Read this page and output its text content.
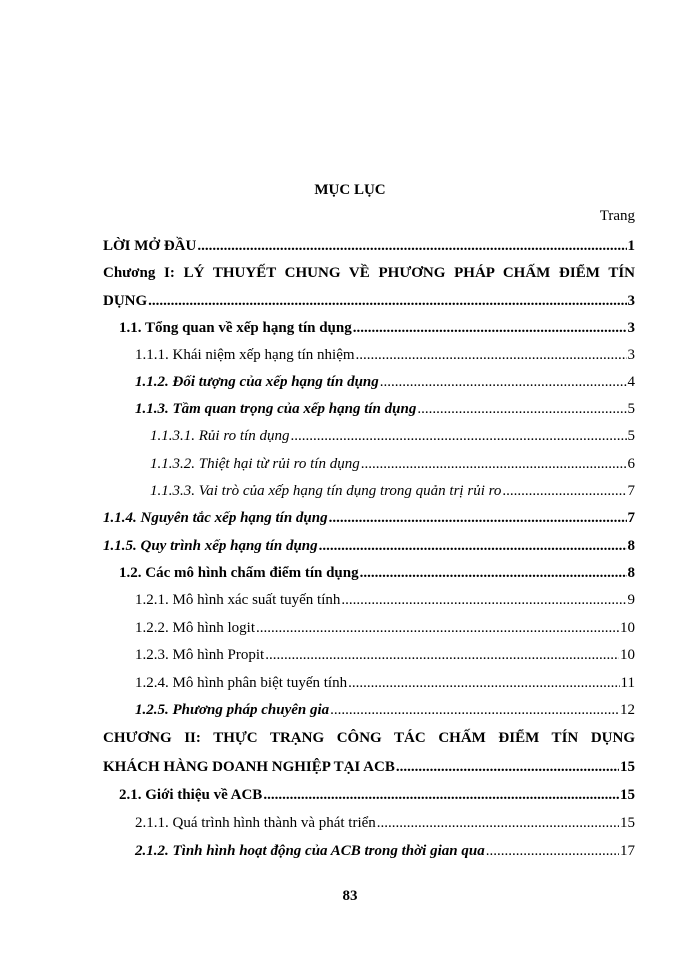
MỤC LỤC
Trang
LỜI MỞ ĐẦU .....	1
Chương I: LÝ THUYẾT CHUNG VỀ PHƯƠNG PHÁP CHẤM ĐIỂM TÍN
DỤNG .....	3
1.1. Tổng quan về xếp hạng tín dụng .....	3
1.1.1. Khái niệm xếp hạng tín nhiệm .....	3
1.1.2. Đối tượng của xếp hạng tín dụng .....	4
1.1.3. Tầm quan trọng của xếp hạng tín dụng .....	5
1.1.3.1. Rủi ro tín dụng .....	5
1.1.3.2. Thiệt hại từ rủi ro tín dụng .....	6
1.1.3.3. Vai trò của xếp hạng tín dụng trong quản trị rủi ro .....	7
1.1.4. Nguyên tắc xếp hạng tín dụng .....	7
1.1.5. Quy trình xếp hạng tín dụng .....	8
1.2. Các mô hình chấm điểm tín dụng .....	8
1.2.1. Mô hình xác suất tuyến tính .....	9
1.2.2. Mô hình logit .....	10
1.2.3. Mô hình Propit .....	10
1.2.4. Mô hình phân biệt tuyến tính .....	11
1.2.5. Phương pháp chuyên gia .....	12
CHƯƠNG II: THỰC TRẠNG CÔNG TÁC CHẤM ĐIỂM TÍN DỤNG
KHÁCH HÀNG DOANH NGHIỆP TẠI ACB .....	15
2.1. Giới thiệu về ACB .....	15
2.1.1. Quá trình hình thành và phát triển .....	15
2.1.2. Tình hình hoạt động của ACB trong thời gian qua .....	17
83
